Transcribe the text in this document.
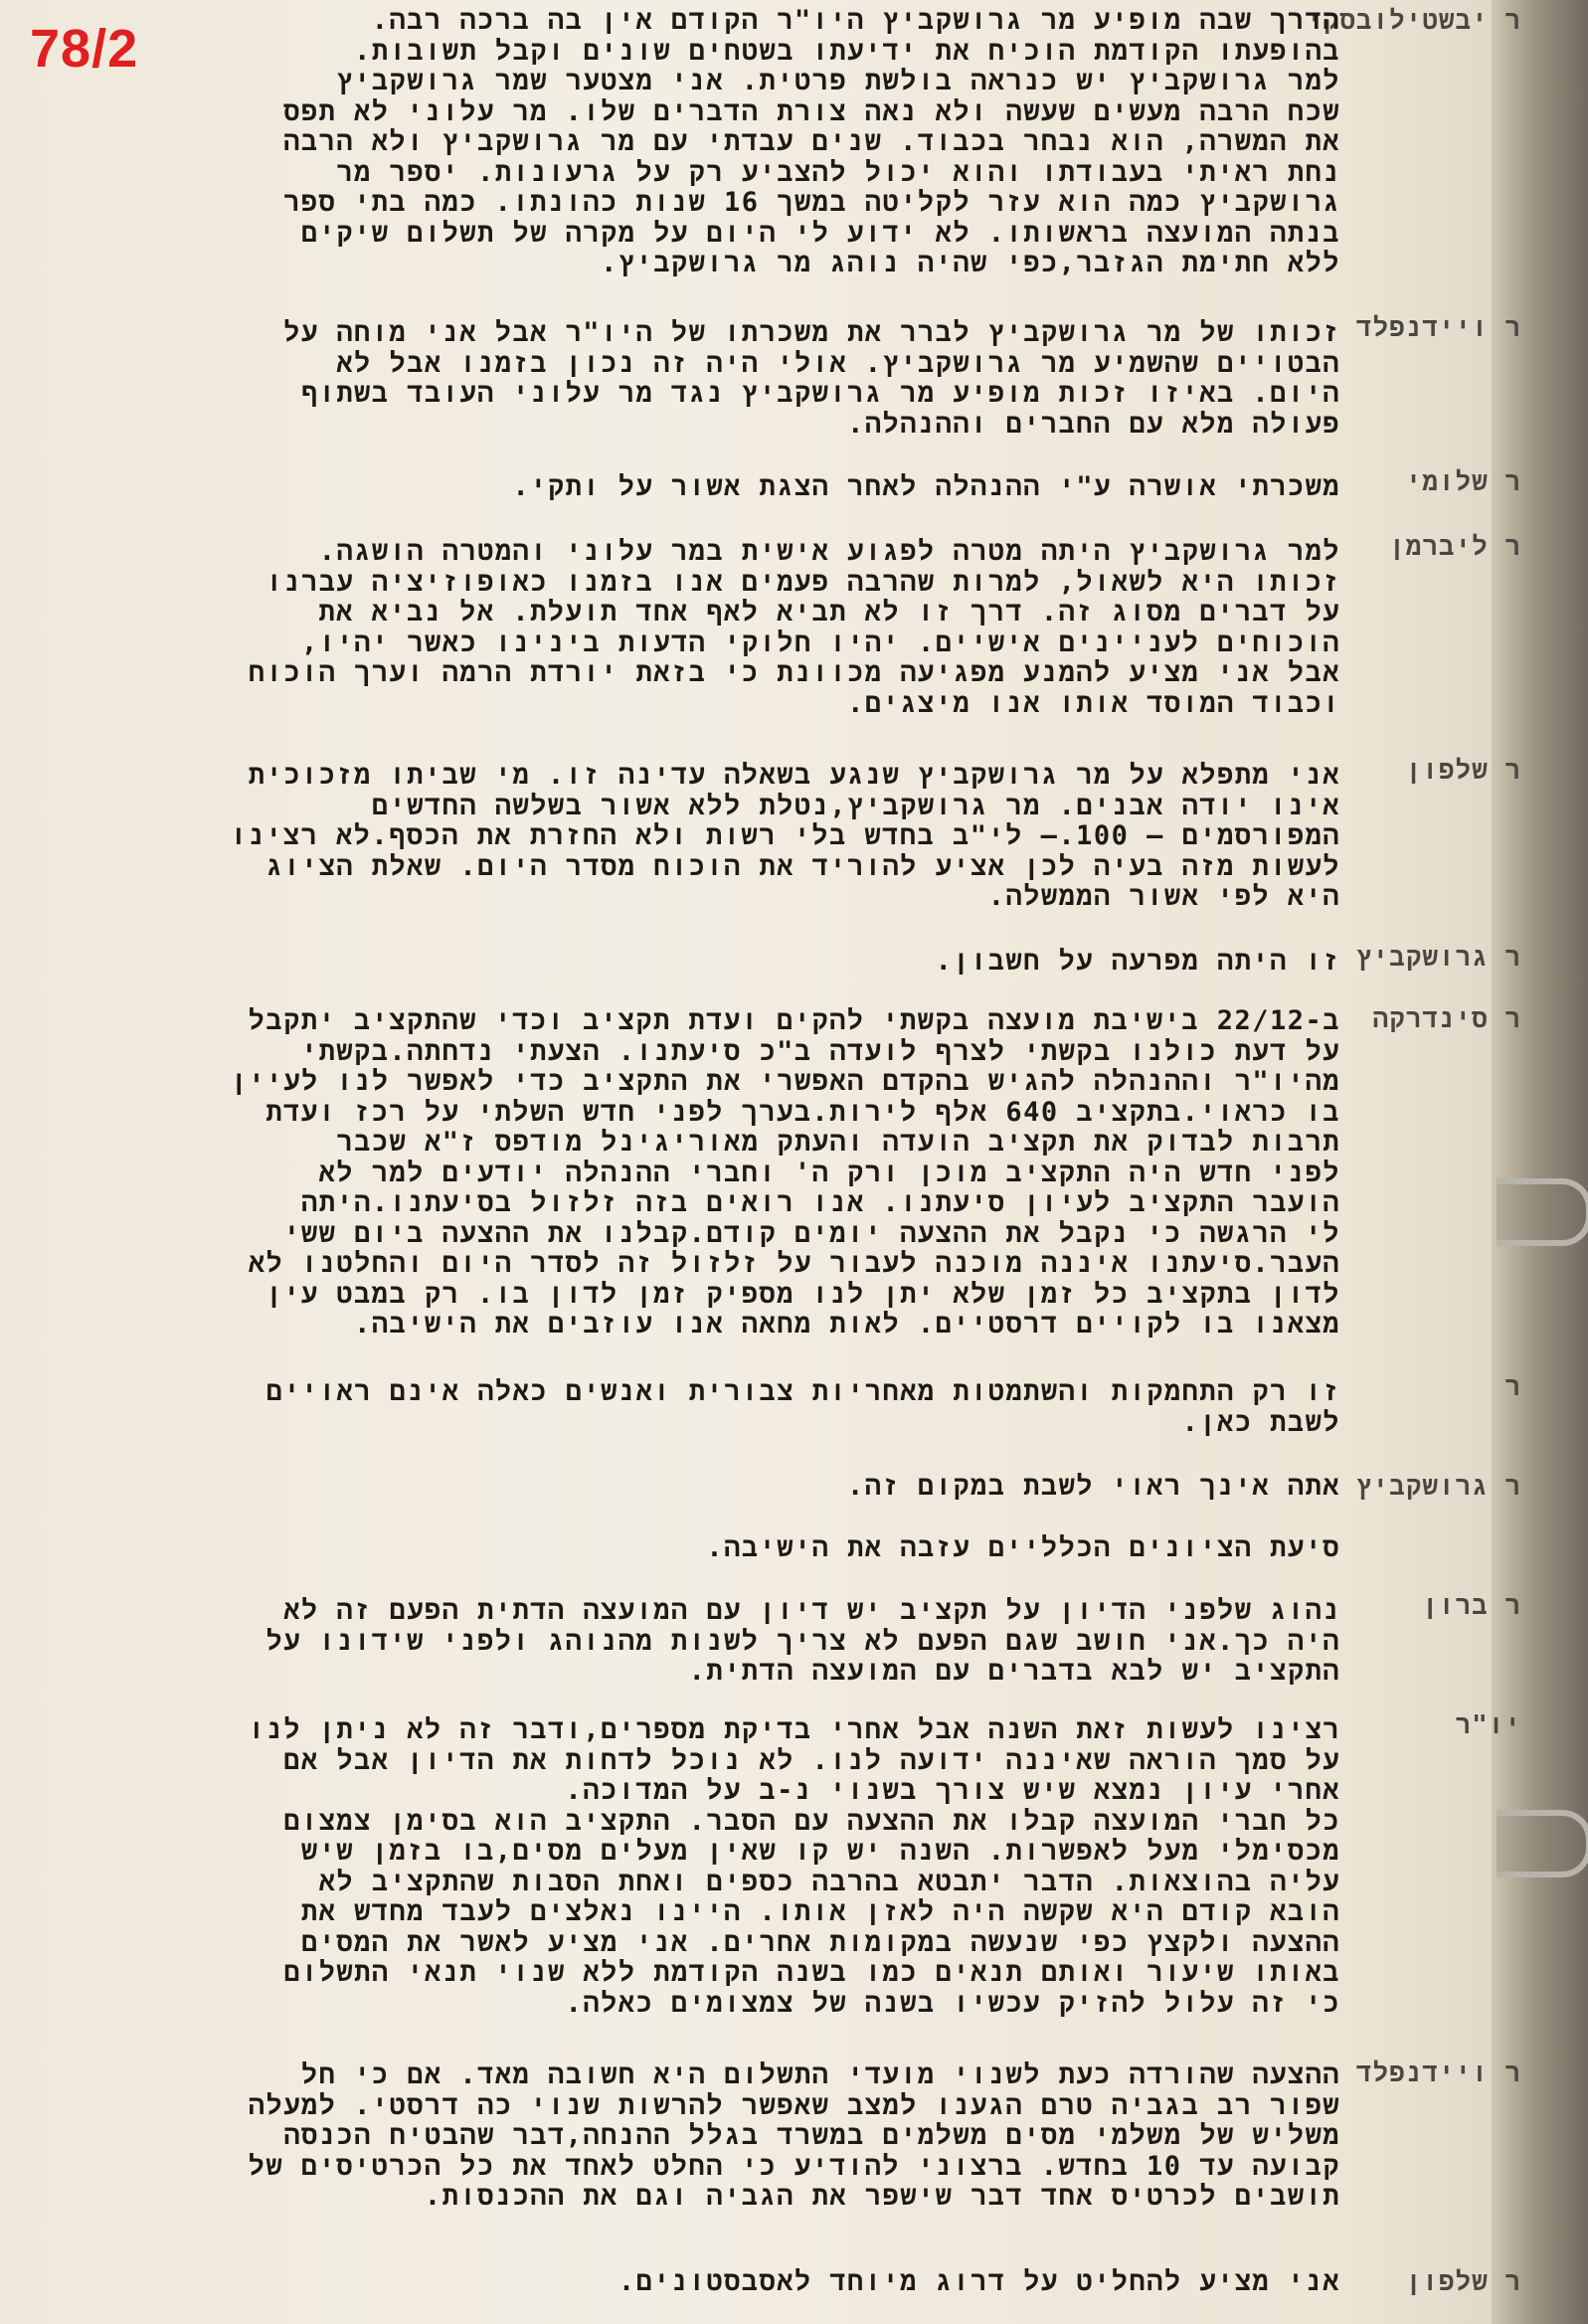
78/2	ר יבשטילובסקי
ר ויידנפלד
ר שלומי
ר ליברמן
ר שלפון
ר גרושקביץ
ר סינדרקה
ר
ר גרושקביץ
ר ברון
יו"ר
ר ויידנפלד
ר שלפון
הדרך שבה מופיע מר גרושקביץ היו"ר הקודם אין בה ברכה רבה.
בהופעתו הקודמת הוכיח את ידיעתו בשטחים שונים וקבל תשובות.
למר גרושקביץ יש כנראה בולשת פרטית. אני מצטער שמר גרושקביץ
שכח הרבה מעשים שעשה ולא נאה צורת הדברים שלו. מר עלוני לא תפס
את המשרה, הוא נבחר בכבוד. שנים עבדתי עם מר גרושקביץ ולא הרבה
נחת ראיתי בעבודתו והוא יכול להצביע רק על גרעונות. יספר מר
גרושקביץ כמה הוא עזר לקליטה במשך 16 שנות כהונתו. כמה בתי ספר
בנתה המועצה בראשותו. לא ידוע לי היום על מקרה של תשלום שיקים
ללא חתימת הגזבר,כפי שהיה נוהג מר גרושקביץ.
זכותו של מר גרושקביץ לברר את משכרתו של היו"ר אבל אני מוחה על
הבטויים שהשמיע מר גרושקביץ. אולי היה זה נכון בזמנו אבל לא
היום. באיזו זכות מופיע מר גרושקביץ נגד מר עלוני העובד בשתוף
פעולה מלא עם החברים וההנהלה.
משכרתי אושרה ע"י ההנהלה לאחר הצגת אשור על ותקי.
למר גרושקביץ היתה מטרה לפגוע אישית במר עלוני והמטרה הושגה.
זכותו היא לשאול, למרות שהרבה פעמים אנו בזמנו כאופוזיציה עברנו
על דברים מסוג זה. דרך זו לא תביא לאף אחד תועלת. אל נביא את
הוכוחים לעניינים אישיים. יהיו חלוקי הדעות בינינו כאשר יהיו,
אבל אני מציע להמנע מפגיעה מכוונת כי בזאת יורדת הרמה וערך הוכוח
וכבוד המוסד אותו אנו מיצגים.
אני מתפלא על מר גרושקביץ שנגע בשאלה עדינה זו. מי שביתו מזכוכית
אינו יודה אבנים. מר גרושקביץ,נטלת ללא אשור בשלשה החדשים
המפורסמים – 100.– לי"ב בחדש בלי רשות ולא החזרת את הכסף.לא רצינו
לעשות מזה בעיה לכן אציע להוריד את הוכוח מסדר היום. שאלת הציוג
היא לפי אשור הממשלה.
זו היתה מפרעה על חשבון.
ב-22/12 בישיבת מועצה בקשתי להקים ועדת תקציב וכדי שהתקציב יתקבל
על דעת כולנו בקשתי לצרף לועדה ב"כ סיעתנו. הצעתי נדחתה.בקשתי
מהיו"ר וההנהלה להגיש בהקדם האפשרי את התקציב כדי לאפשר לנו לעיין
בו כראוי.בתקציב 640 אלף לירות.בערך לפני חדש השלתי על רכז ועדת
תרבות לבדוק את תקציב הועדה והעתק מאוריגינל מודפס ז"א שכבר
לפני חדש היה התקציב מוכן ורק ה' וחברי ההנהלה יודעים למר לא
הועבר התקציב לעיון סיעתנו. אנו רואים בזה זלזול בסיעתנו.היתה
לי הרגשה כי נקבל את ההצעה יומים קודם.קבלנו את ההצעה ביום ששי
העבר.סיעתנו איננה מוכנה לעבור על זלזול זה לסדר היום והחלטנו לא
לדון בתקציב כל זמן שלא יתן לנו מספיק זמן לדון בו. רק במבט עין
מצאנו בו לקויים דרסטיים. לאות מחאה אנו עוזבים את הישיבה.
זו רק התחמקות והשתמטות מאחריות צבורית ואנשים כאלה אינם ראויים
לשבת כאן.
אתה אינך ראוי לשבת במקום זה.
סיעת הציונים הכלליים עזבה את הישיבה.
נהוג שלפני הדיון על תקציב יש דיון עם המועצה הדתית הפעם זה לא
היה כך.אני חושב שגם הפעם לא צריך לשנות מהנוהג ולפני שידונו על
התקציב יש לבא בדברים עם המועצה הדתית.
רצינו לעשות זאת השנה אבל אחרי בדיקת מספרים,ודבר זה לא ניתן לנו
על סמך הוראה שאיננה ידועה לנו. לא נוכל לדחות את הדיון אבל אם
אחרי עיון נמצא שיש צורך בשנוי נ-ב על המדוכה.
כל חברי המועצה קבלו את ההצעה עם הסבר. התקציב הוא בסימן צמצום
מכסימלי מעל לאפשרות. השנה יש קו שאין מעלים מסים,בו בזמן שיש
עליה בהוצאות. הדבר יתבטא בהרבה כספים ואחת הסבות שהתקציב לא
הובא קודם היא שקשה היה לאזן אותו. היינו נאלצים לעבד מחדש את
ההצעה ולקצץ כפי שנעשה במקומות אחרים. אני מציע לאשר את המסים
באותו שיעור ואותם תנאים כמו בשנה הקודמת ללא שנוי תנאי התשלום
כי זה עלול להזיק עכשיו בשנה של צמצומים כאלה.
ההצעה שהורדה כעת לשנוי מועדי התשלום היא חשובה מאד. אם כי חל
שפור רב בגביה טרם הגענו למצב שאפשר להרשות שנוי כה דרסטי. למעלה
משליש של משלמי מסים משלמים במשרד בגלל ההנחה,דבר שהבטיח הכנסה
קבועה עד 10 בחדש. ברצוני להודיע כי החלט לאחד את כל הכרטיסים של
תושבים לכרטיס אחד דבר שישפר את הגביה וגם את ההכנסות.
אני מציע להחליט על דרוג מיוחד לאסבסטונים.
